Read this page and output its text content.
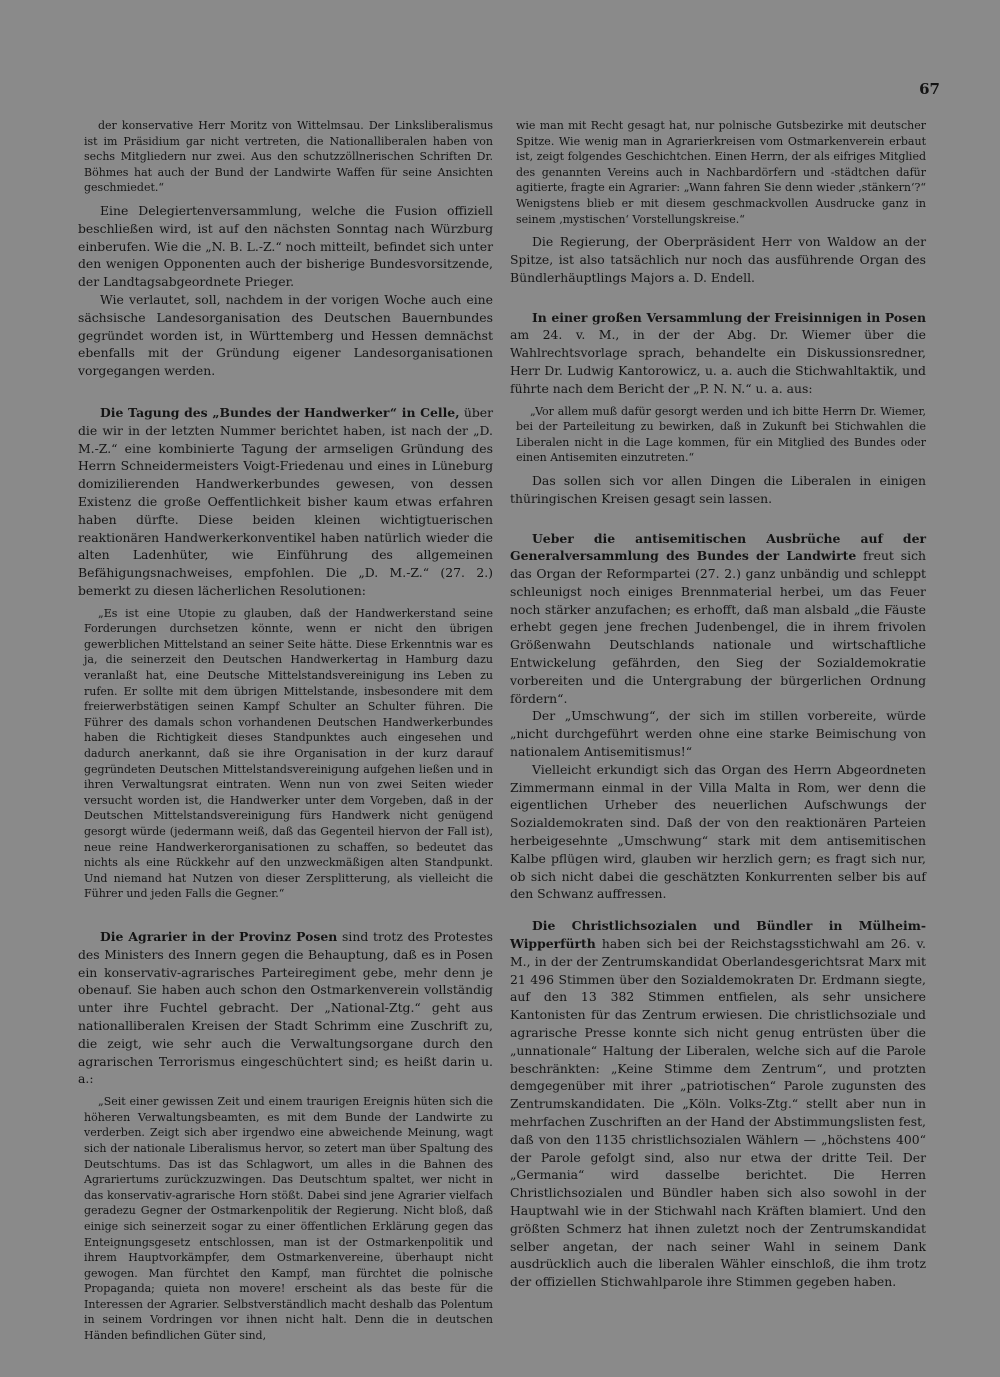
67

der konservative Herr Moritz von Wittelmsau. Der Linksliberalismus ist im Präsidium gar nicht vertreten, die Nationalliberalen haben von sechs Mitgliedern nur zwei. Aus den schutzzöllnerischen Schriften Dr. Böhmes hat auch der Bund der Landwirte Waffen für seine Ansichten geschmiedet.“

Eine Delegiertenversammlung, welche die Fusion offiziell beschließen wird, ist auf den nächsten Sonntag nach Würzburg einberufen. Wie die „N. B. L.-Z.“ noch mitteilt, befindet sich unter den wenigen Opponenten auch der bisherige Bundesvorsitzende, der Landtagsabgeordnete Prieger.

Wie verlautet, soll, nachdem in der vorigen Woche auch eine sächsische Landesorganisation des Deutschen Bauernbundes gegründet worden ist, in Württemberg und Hessen demnächst ebenfalls mit der Gründung eigener Landesorganisationen vorgegangen werden.

Die Tagung des „Bundes der Handwerker“ in Celle, über die wir in der letzten Nummer berichtet haben, ist nach der „D. M.-Z.“ eine kombinierte Tagung der armseligen Gründung des Herrn Schneidermeisters Voigt-Friedenau und eines in Lüneburg domizilierenden Handwerkerbundes gewesen, von dessen Existenz die große Oeffentlichkeit bisher kaum etwas erfahren haben dürfte. Diese beiden kleinen wichtigtuerischen reaktionären Handwerkerkonventikel haben natürlich wieder die alten Ladenhüter, wie Einführung des allgemeinen Befähigungsnachweises, empfohlen. Die „D. M.-Z.“ (27. 2.) bemerkt zu diesen lächerlichen Resolutionen:

„Es ist eine Utopie zu glauben, daß der Handwerkerstand seine Forderungen durchsetzen könnte, wenn er nicht den übrigen gewerblichen Mittelstand an seiner Seite hätte. Diese Erkenntnis war es ja, die seinerzeit den Deutschen Handwerkertag in Hamburg dazu veranlaßt hat, eine Deutsche Mittelstandsvereinigung ins Leben zu rufen. Er sollte mit dem übrigen Mittelstande, insbesondere mit dem freierwerbstätigen seinen Kampf Schulter an Schulter führen. Die Führer des damals schon vorhandenen Deutschen Handwerkerbundes haben die Richtigkeit dieses Standpunktes auch eingesehen und dadurch anerkannt, daß sie ihre Organisation in der kurz darauf gegründeten Deutschen Mittelstandsvereinigung aufgehen ließen und in ihren Verwaltungsrat eintraten. Wenn nun von zwei Seiten wieder versucht worden ist, die Handwerker unter dem Vorgeben, daß in der Deutschen Mittelstandsvereinigung fürs Handwerk nicht genügend gesorgt würde (jedermann weiß, daß das Gegenteil hiervon der Fall ist), neue reine Handwerkerorganisationen zu schaffen, so bedeutet das nichts als eine Rückkehr auf den unzweckmäßigen alten Standpunkt. Und niemand hat Nutzen von dieser Zersplitterung, als vielleicht die Führer und jeden Falls die Gegner.“

Die Agrarier in der Provinz Posen sind trotz des Protestes des Ministers des Innern gegen die Behauptung, daß es in Posen ein konservativ-agrarisches Parteiregiment gebe, mehr denn je obenauf. Sie haben auch schon den Ostmarkenverein vollständig unter ihre Fuchtel gebracht. Der „National-Ztg.“ geht aus nationalliberalen Kreisen der Stadt Schrimm eine Zuschrift zu, die zeigt, wie sehr auch die Verwaltungsorgane durch den agrarischen Terrorismus eingeschüchtert sind; es heißt darin u. a.:

„Seit einer gewissen Zeit und einem traurigen Ereignis hüten sich die höheren Verwaltungsbeamten, es mit dem Bunde der Landwirte zu verderben. Zeigt sich aber irgendwo eine abweichende Meinung, wagt sich der nationale Liberalismus hervor, so zetert man über Spaltung des Deutschtums. Das ist das Schlagwort, um alles in die Bahnen des Agrariertums zurückzuzwingen. Das Deutschtum spaltet, wer nicht in das konservativ-agrarische Horn stößt. Dabei sind jene Agrarier vielfach geradezu Gegner der Ostmarkenpolitik der Regierung. Nicht bloß, daß einige sich seinerzeit sogar zu einer öffentlichen Erklärung gegen das Enteignungsgesetz entschlossen, man ist der Ostmarkenpolitik und ihrem Hauptvorkämpfer, dem Ostmarkenvereine, überhaupt nicht gewogen. Man fürchtet den Kampf, man fürchtet die polnische Propaganda; quieta non movere! erscheint als das beste für die Interessen der Agrarier. Selbstverständlich macht deshalb das Polentum in seinem Vordringen vor ihnen nicht halt. Denn die in deutschen Händen befindlichen Güter sind,

wie man mit Recht gesagt hat, nur polnische Gutsbezirke mit deutscher Spitze. Wie wenig man in Agrarierkreisen vom Ostmarkenverein erbaut ist, zeigt folgendes Geschichtchen. Einen Herrn, der als eifriges Mitglied des genannten Vereins auch in Nachbardörfern und -städtchen dafür agitierte, fragte ein Agrarier: „Wann fahren Sie denn wieder ‚stänkern‘?“ Wenigstens blieb er mit diesem geschmackvollen Ausdrucke ganz in seinem ‚mystischen‘ Vorstellungskreise.“

Die Regierung, der Oberpräsident Herr von Waldow an der Spitze, ist also tatsächlich nur noch das ausführende Organ des Bündlerhäuptlings Majors a. D. Endell.

In einer großen Versammlung der Freisinnigen in Posen am 24. v. M., in der der Abg. Dr. Wiemer über die Wahlrechtsvorlage sprach, behandelte ein Diskussionsredner, Herr Dr. Ludwig Kantorowicz, u. a. auch die Stichwahltaktik, und führte nach dem Bericht der „P. N. N.“ u. a. aus:

„Vor allem muß dafür gesorgt werden und ich bitte Herrn Dr. Wiemer, bei der Parteileitung zu bewirken, daß in Zukunft bei Stichwahlen die Liberalen nicht in die Lage kommen, für ein Mitglied des Bundes oder einen Antisemiten einzutreten.“

Das sollen sich vor allen Dingen die Liberalen in einigen thüringischen Kreisen gesagt sein lassen.

Ueber die antisemitischen Ausbrüche auf der Generalversammlung des Bundes der Landwirte freut sich das Organ der Reformpartei (27. 2.) ganz unbändig und schleppt schleunigst noch einiges Brennmaterial herbei, um das Feuer noch stärker anzufachen; es erhofft, daß man alsbald „die Fäuste erhebt gegen jene frechen Judenbengel, die in ihrem frivolen Größenwahn Deutschlands nationale und wirtschaftliche Entwickelung gefährden, den Sieg der Sozialdemokratie vorbereiten und die Untergrabung der bürgerlichen Ordnung fördern“.

Der „Umschwung“, der sich im stillen vorbereite, würde „nicht durchgeführt werden ohne eine starke Beimischung von nationalem Antisemitismus!“

Vielleicht erkundigt sich das Organ des Herrn Abgeordneten Zimmermann einmal in der Villa Malta in Rom, wer denn die eigentlichen Urheber des neuerlichen Aufschwungs der Sozialdemokraten sind. Daß der von den reaktionären Parteien herbeigesehnte „Umschwung“ stark mit dem antisemitischen Kalbe pflügen wird, glauben wir herzlich gern; es fragt sich nur, ob sich nicht dabei die geschätzten Konkurrenten selber bis auf den Schwanz auffressen.

Die Christlichsozialen und Bündler in Mülheim-Wipperfürth haben sich bei der Reichstagsstichwahl am 26. v. M., in der der Zentrumskandidat Oberlandesgerichtsrat Marx mit 21 496 Stimmen über den Sozialdemokraten Dr. Erdmann siegte, auf den 13 382 Stimmen entfielen, als sehr unsichere Kantonisten für das Zentrum erwiesen. Die christlichsoziale und agrarische Presse konnte sich nicht genug entrüsten über die „unnationale“ Haltung der Liberalen, welche sich auf die Parole beschränkten: „Keine Stimme dem Zentrum“, und protzten demgegenüber mit ihrer „patriotischen“ Parole zugunsten des Zentrumskandidaten. Die „Köln. Volks-Ztg.“ stellt aber nun in mehrfachen Zuschriften an der Hand der Abstimmungslisten fest, daß von den 1135 christlichsozialen Wählern — „höchstens 400“ der Parole gefolgt sind, also nur etwa der dritte Teil. Der „Germania“ wird dasselbe berichtet. Die Herren Christlichsozialen und Bündler haben sich also sowohl in der Hauptwahl wie in der Stichwahl nach Kräften blamiert. Und den größten Schmerz hat ihnen zuletzt noch der Zentrumskandidat selber angetan, der nach seiner Wahl in seinem Dank ausdrücklich auch die liberalen Wähler einschloß, die ihm trotz der offiziellen Stichwahlparole ihre Stimmen gegeben haben.
